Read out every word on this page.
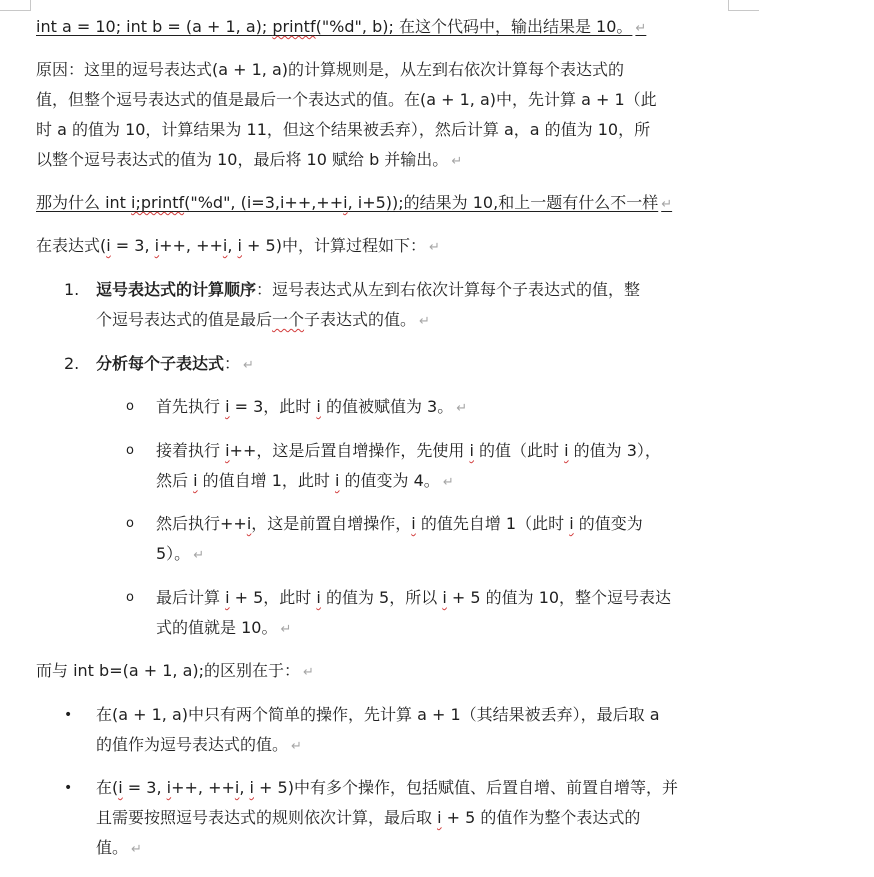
int a = 10; int b = (a + 1, a); printf("%d", b); 在这个代码中，输出结果是 10。 ↵
原因：这里的逗号表达式(a + 1, a)的计算规则是，从左到右依次计算每个表达式的
值，但整个逗号表达式的值是最后一个表达式的值。在(a + 1, a)中，先计算 a + 1（此
时 a 的值为 10，计算结果为 11，但这个结果被丢弃），然后计算 a，a 的值为 10，所
以整个逗号表达式的值为 10，最后将 10 赋给 b 并输出。 ↵
那为什么 int i;printf("%d", (i=3,i++,++i, i+5));的结果为 10,和上一题有什么不一样 ↵
在表达式(i = 3, i++, ++i, i + 5)中，计算过程如下： ↵
1. 逗号表达式的计算顺序：逗号表达式从左到右依次计算每个子表达式的值，整
个逗号表达式的值是最后一个子表达式的值。 ↵
2. 分析每个子表达式： ↵
o 首先执行 i = 3，此时 i 的值被赋值为 3。 ↵
o 接着执行 i++，这是后置自增操作，先使用 i 的值（此时 i 的值为 3），
然后 i 的值自增 1，此时 i 的值变为 4。 ↵
o 然后执行++i，这是前置自增操作，i 的值先自增 1（此时 i 的值变为
5）。 ↵
o 最后计算 i + 5，此时 i 的值为 5，所以 i + 5 的值为 10，整个逗号表达
式的值就是 10。 ↵
而与 int b=(a + 1, a);的区别在于： ↵
• 在(a + 1, a)中只有两个简单的操作，先计算 a + 1（其结果被丢弃），最后取 a
的值作为逗号表达式的值。 ↵
• 在(i = 3, i++, ++i, i + 5)中有多个操作，包括赋值、后置自增、前置自增等，并
且需要按照逗号表达式的规则依次计算，最后取 i + 5 的值作为整个表达式的
值。 ↵
